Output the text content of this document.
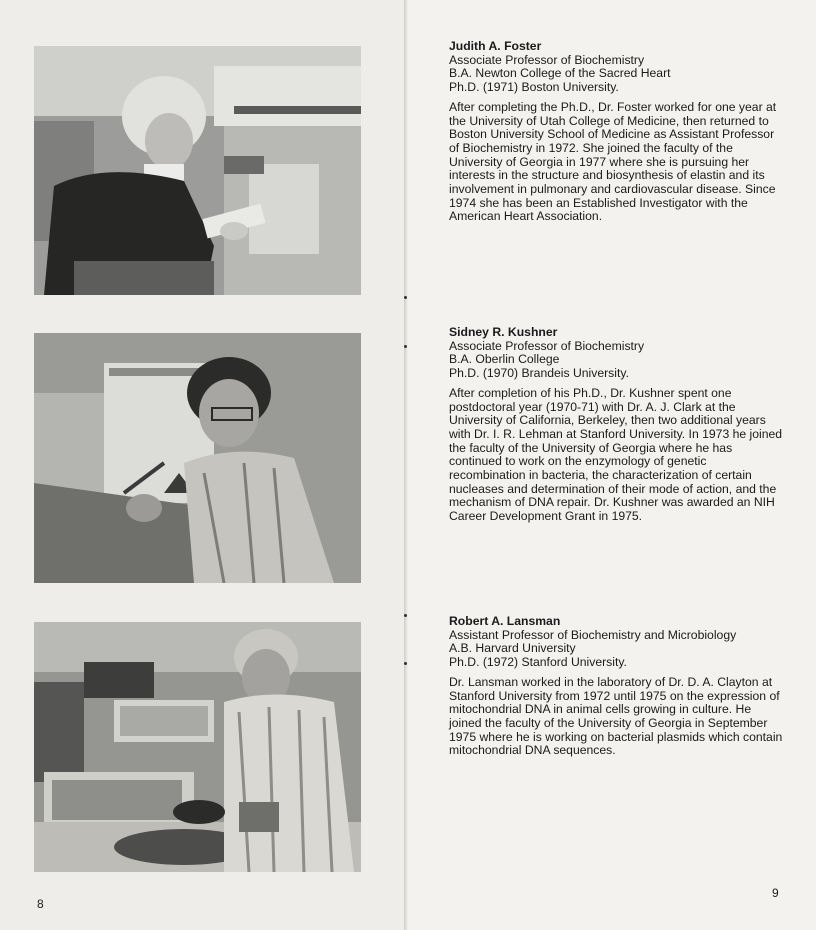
Judith A. Foster
Associate Professor of Biochemistry
B.A. Newton College of the Sacred Heart
Ph.D. (1971) Boston University.
After completing the Ph.D., Dr. Foster worked for one year at the University of Utah College of Medicine, then returned to Boston University School of Medicine as Assistant Professor of Biochemistry in 1972. She joined the faculty of the University of Georgia in 1977 where she is pursuing her interests in the structure and biosynthesis of elastin and its involvement in pulmonary and cardiovascular disease. Since 1974 she has been an Established Investigator with the American Heart Association.
Sidney R. Kushner
Associate Professor of Biochemistry
B.A. Oberlin College
Ph.D. (1970) Brandeis University.
After completion of his Ph.D., Dr. Kushner spent one postdoctoral year (1970-71) with Dr. A. J. Clark at the University of California, Berkeley, then two additional years with Dr. I. R. Lehman at Stanford University. In 1973 he joined the faculty of the University of Georgia where he has continued to work on the enzymology of genetic recombination in bacteria, the characterization of certain nucleases and determination of their mode of action, and the mechanism of DNA repair. Dr. Kushner was awarded an NIH Career Development Grant in 1975.
Robert A. Lansman
Assistant Professor of Biochemistry and Microbiology
A.B. Harvard University
Ph.D. (1972) Stanford University.
Dr. Lansman worked in the laboratory of Dr. D. A. Clayton at Stanford University from 1972 until 1975 on the expression of mitochondrial DNA in animal cells growing in culture. He joined the faculty of the University of Georgia in September 1975 where he is working on bacterial plasmids which contain mitochondrial DNA sequences.
8
9
